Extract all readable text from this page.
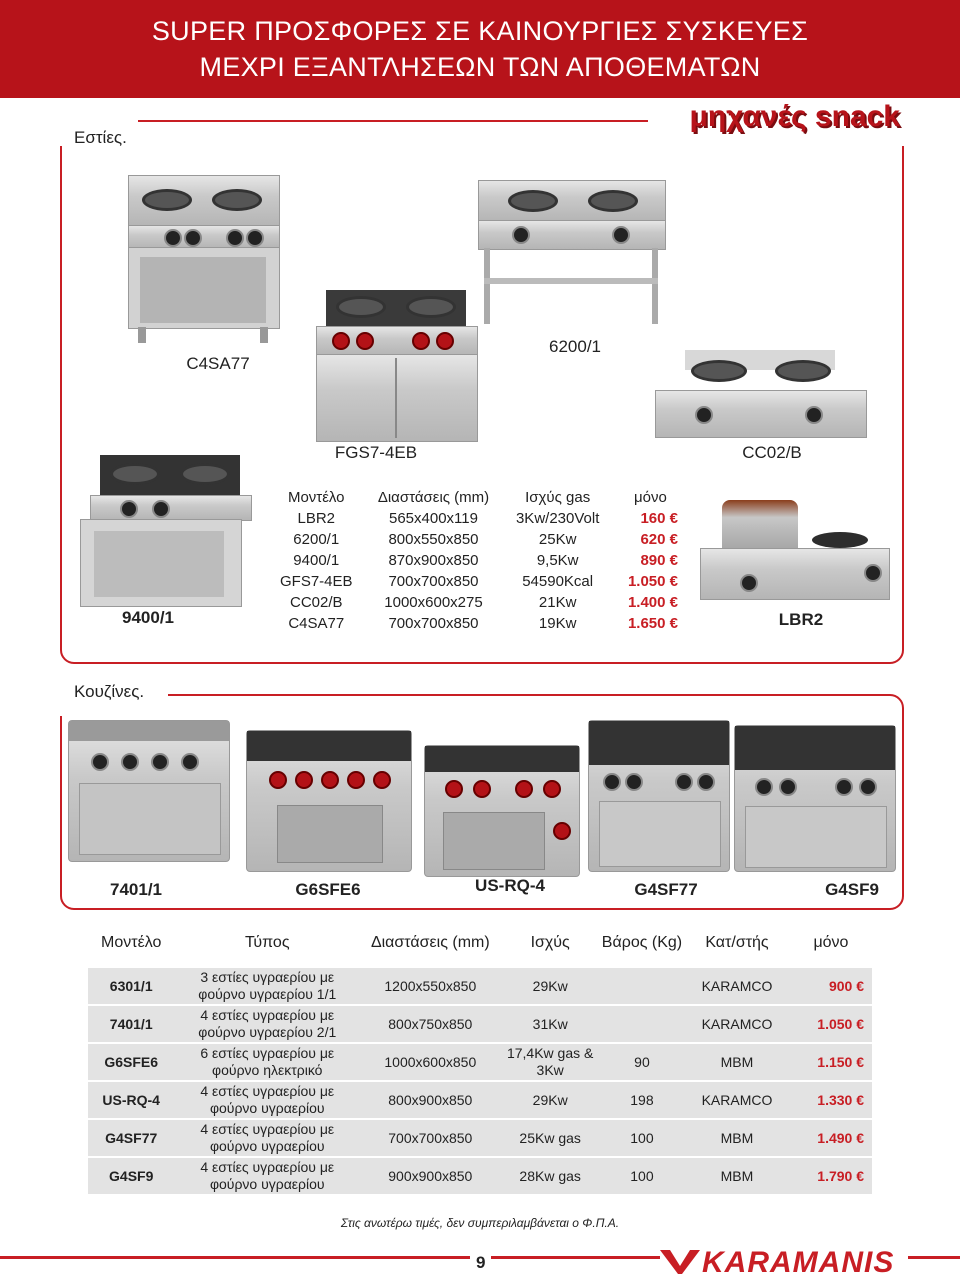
SUPER ΠΡΟΣΦΟΡΕΣ ΣΕ ΚΑΙΝΟΥΡΓΙΕΣ ΣΥΣΚΕΥΕΣ
ΜΕΧΡΙ ΕΞΑΝΤΛΗΣΕΩΝ ΤΩΝ ΑΠΟΘΕΜΑΤΩΝ
Εστίες.
μηχανές snack
C4SA77
6200/1
FGS7-4EB	CC02/B
9400/1	LBR2
Μοντέλο	Διαστάσεις (mm)	Ισχύς gas	μόνο
LBR2	565x400x119	3Kw/230Volt	160 €
6200/1	800x550x850	25Kw	620 €
9400/1	870x900x850	9,5Kw	890 €
GFS7-4EB	700x700x850	54590Kcal	1.050 €
CC02/B	1000x600x275	21Kw	1.400 €
C4SA77	700x700x850	19Kw	1.650 €
Κουζίνες.
7401/1	G6SFE6	US-RQ-4	G4SF77	G4SF9
Μοντέλο	Τύπος	Διαστάσεις (mm)	Ισχύς	Βάρος (Kg)	Κατ/στής	μόνο
6301/1	3 εστίες υγραερίου με φούρνο υγραερίου 1/1	1200x550x850	29Kw		KARAMCO	900 €
7401/1	4 εστίες υγραερίου με φούρνο υγραερίου 2/1	800x750x850	31Kw		KARAMCO	1.050 €
G6SFE6	6 εστίες υγραερίου με φούρνο ηλεκτρικό	1000x600x850	17,4Kw gas & 3Kw	90	MBM	1.150 €
US-RQ-4	4 εστίες υγραερίου με φούρνο υγραερίου	800x900x850	29Kw	198	KARAMCO	1.330 €
G4SF77	4 εστίες υγραερίου με φούρνο υγραερίου	700x700x850	25Kw gas	100	MBM	1.490 €
G4SF9	4 εστίες υγραερίου με φούρνο υγραερίου	900x900x850	28Kw gas	100	MBM	1.790 €
Στις ανωτέρω τιμές, δεν συμπεριλαμβάνεται ο Φ.Π.Α.
9	KARAMANIS
